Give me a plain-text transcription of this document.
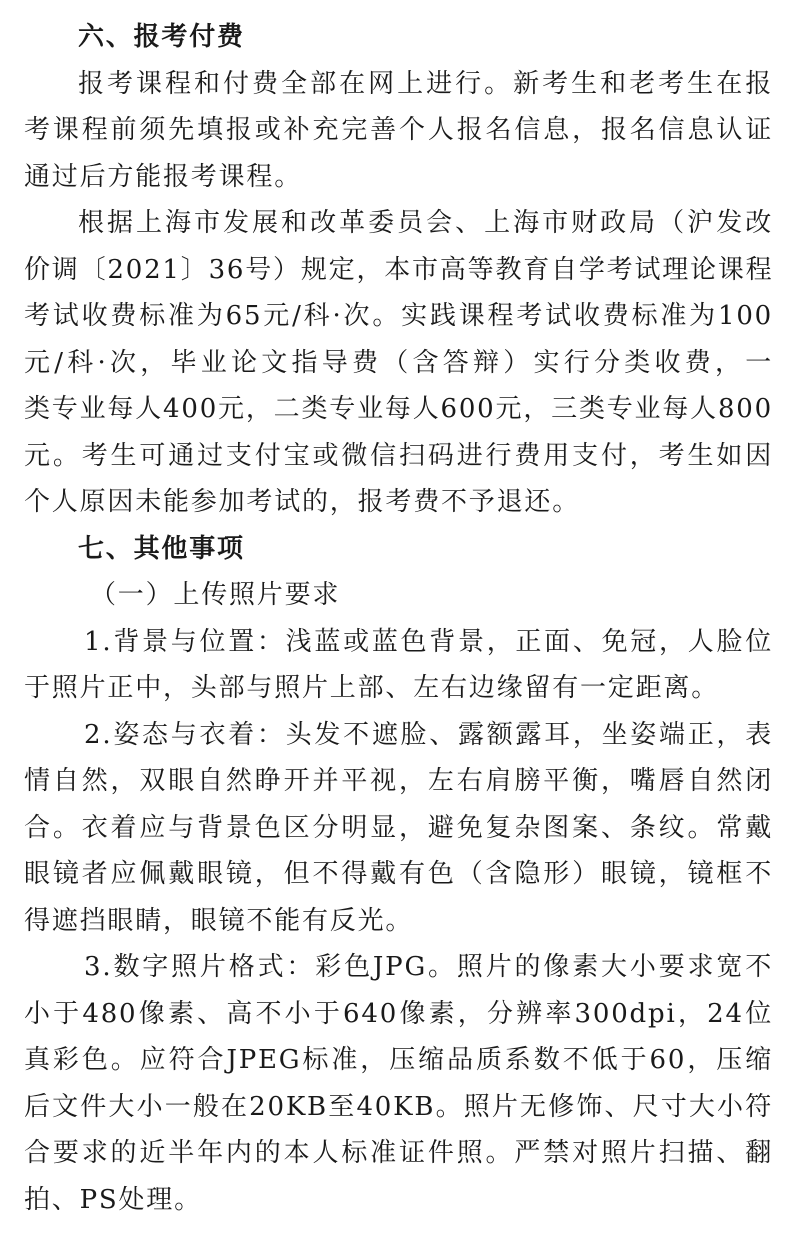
六、报考付费
报考课程和付费全部在网上进行。新考生和老考生在报
考课程前须先填报或补充完善个人报名信息，报名信息认证
通过后方能报考课程。
根据上海市发展和改革委员会、上海市财政局（沪发改
价调〔2021〕36号）规定，本市高等教育自学考试理论课程
考试收费标准为65元/科·次。实践课程考试收费标准为100
元/科·次，毕业论文指导费（含答辩）实行分类收费，一
类专业每人400元，二类专业每人600元，三类专业每人800
元。考生可通过支付宝或微信扫码进行费用支付，考生如因
个人原因未能参加考试的，报考费不予退还。
七、其他事项
（一）上传照片要求
1.背景与位置：浅蓝或蓝色背景，正面、免冠，人脸位
于照片正中，头部与照片上部、左右边缘留有一定距离。
2.姿态与衣着：头发不遮脸、露额露耳，坐姿端正，表
情自然，双眼自然睁开并平视，左右肩膀平衡，嘴唇自然闭
合。衣着应与背景色区分明显，避免复杂图案、条纹。常戴
眼镜者应佩戴眼镜，但不得戴有色（含隐形）眼镜，镜框不
得遮挡眼睛，眼镜不能有反光。
3.数字照片格式：彩色JPG。照片的像素大小要求宽不
小于480像素、高不小于640像素，分辨率300dpi，24位
真彩色。应符合JPEG标准，压缩品质系数不低于60，压缩
后文件大小一般在20KB至40KB。照片无修饰、尺寸大小符
合要求的近半年内的本人标准证件照。严禁对照片扫描、翻
拍、PS处理。
